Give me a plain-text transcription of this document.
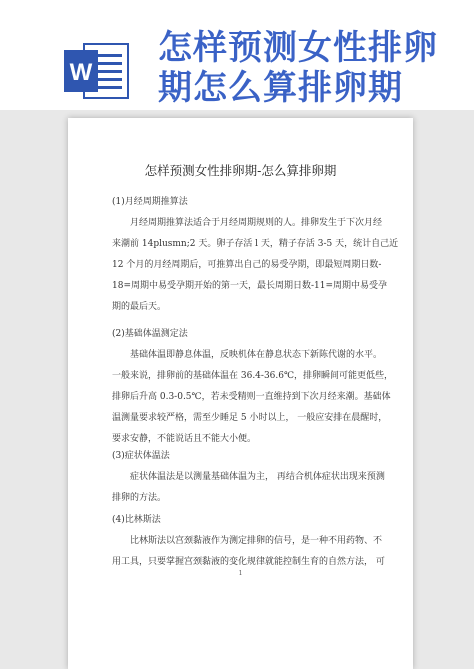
W
怎样预测女性排卵
期怎么算排卵期
怎样预测女性排卵期-怎么算排卵期
(1)月经周期推算法
月经周期推算法适合于月经周期规则的人。排卵发生于下次月经
来潮前 14plusmn;2 天。卵子存活 l 天，精子存活 3-5 天，统计自己近
12 个月的月经周期后，可推算出自己的易受孕期，即最短周期日数-
18=周期中易受孕期开始的第一天，最长周期日数-11=周期中易受孕
期的最后天。
(2)基础体温测定法
基础体温即静息体温，反映机体在静息状态下新陈代谢的水平。
一般来说，排卵前的基础体温在 36.4-36.6℃，排卵瞬间可能更低些，
排卵后升高 0.3-0.5℃，若未受精则一直维持到下次月经来潮。基础体
温测量要求较严格，需至少睡足 5 小时以上， 一般应安排在晨醒时，
要求安静，不能说话且不能大小便。
(3)症状体温法
症状体温法是以测量基础体温为主， 再结合机体症状出现来预测
排卵的方法。
(4)比林斯法
比林斯法以宫颈黏液作为测定排卵的信号，是一种不用药物、不
用工具，只要掌握宫颈黏液的变化规律就能控制生育的自然方法， 可
1
